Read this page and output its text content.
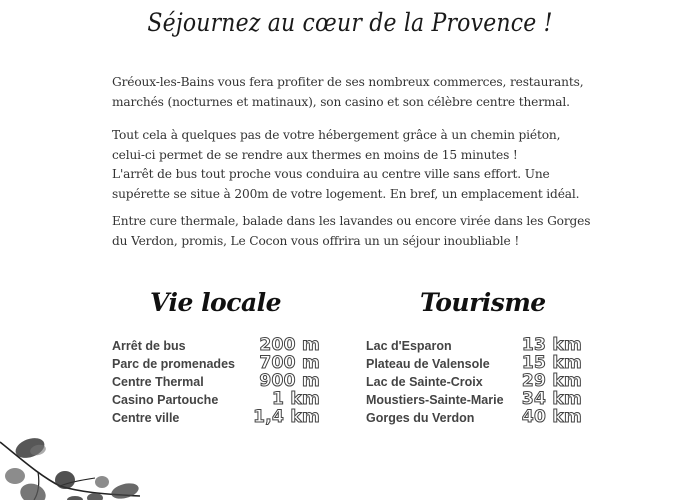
Séjournez au cœur de la Provence !
Gréoux-les-Bains vous fera profiter de ses nombreux commerces, restaurants,
marchés (nocturnes et matinaux), son casino et son célèbre centre thermal.
Tout cela à quelques pas de votre hébergement grâce à un chemin piéton,
celui-ci permet de se rendre aux thermes en moins de 15 minutes !
L'arrêt de bus tout proche vous conduira au centre ville sans effort. Une
supérette se situe à 200m de votre logement. En bref, un emplacement idéal.
Entre cure thermale, balade dans les lavandes ou encore virée dans les Gorges
du Verdon, promis, Le Cocon vous offrira un un séjour inoubliable !
Vie locale	Tourisme
Arrêt de bus	200 m
Parc de promenades 700 m
Centre Thermal	900 m
Casino Partouche	1 km
Centre ville	1,4 km
Lac d'Esparon	13 km
Plateau de Valensole 15 km
Lac de Sainte-Croix 29 km
Moustiers-Sainte-Marie 34 km
Gorges du Verdon	40 km
